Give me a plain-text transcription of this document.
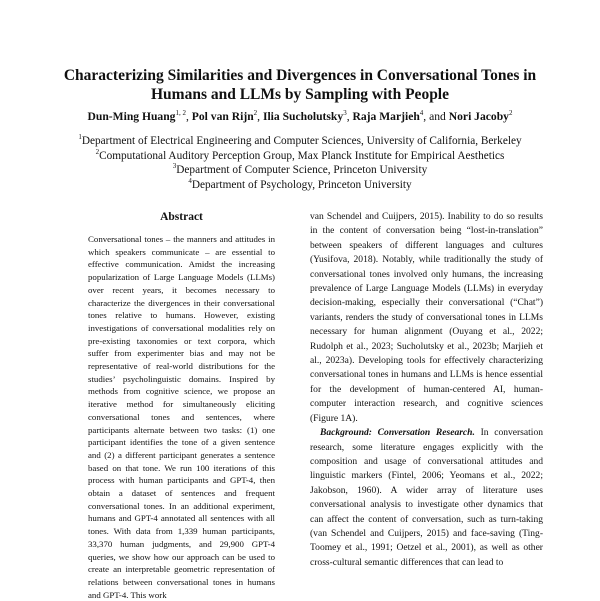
Characterizing Similarities and Divergences in Conversational Tones in
Humans and LLMs by Sampling with People
Dun-Ming Huang$^{1, 2}$, Pol van Rijn$^2$, Ilia Sucholutsky$^3$, Raja Marjieh$^4$, and Nori Jacoby$^2$
$^1$Department of Electrical Engineering and Computer Sciences, University of California, Berkeley
$^2$Computational Auditory Perception Group, Max Planck Institute for Empirical Aesthetics
$^3$Department of Computer Science, Princeton University
$^4$Department of Psychology, Princeton University
Abstract

Conversational tones – the manners and attitudes in which speakers communicate – are essential to effective communication. Amidst the increasing popularization of Large Language Models (LLMs) over recent years, it becomes necessary to characterize the divergences in their conversational tones relative to humans. However, existing investigations of conversational modalities rely on pre-existing taxonomies or text corpora, which suffer from experimenter bias and may not be representative of real-world distributions for the studies’ psycholinguistic domains. Inspired by methods from cognitive science, we propose an iterative method for simultaneously eliciting conversational tones and sentences, where participants alternate between two tasks: (1) one participant identifies the tone of a given sentence and (2) a different participant generates a sentence based on that tone. We run 100 iterations of this process with human participants and GPT-4, then obtain a dataset of sentences and frequent conversational tones. In an additional experiment, humans and GPT-4 annotated all sentences with all tones. With data from 1,339 human participants, 33,370 human judgments, and 29,900 GPT-4 queries, we show how our approach can be used to create an interpretable geometric representation of relations between conversational tones in humans and GPT-4. This work

van Schendel and Cuijpers, 2015). Inability to do so results in the content of conversation being “lost-in-translation” between speakers of different languages and cultures (Yusifova, 2018). Notably, while traditionally the study of conversational tones involved only humans, the increasing prevalence of Large Language Models (LLMs) in everyday decision-making, especially their conversational (“Chat”) variants, renders the study of conversational tones in LLMs necessary for human alignment (Ouyang et al., 2022; Rudolph et al., 2023; Sucholutsky et al., 2023b; Marjieh et al., 2023a). Developing tools for effectively characterizing conversational tones in humans and LLMs is hence essential for the development of human-centered AI, human-computer interaction research, and cognitive sciences (Figure 1A).

Background: Conversation Research. In conversation research, some literature engages explicitly with the composition and usage of conversational attitudes and linguistic markers (Fintel, 2006; Yeomans et al., 2022; Jakobson, 1960). A wider array of literature uses conversational analysis to investigate other dynamics that can affect the content of conversation, such as turn-taking (van Schendel and Cuijpers, 2015) and face-saving (Ting-Toomey et al., 1991; Oetzel et al., 2001), as well as other cross-cultural semantic differences that can lead to
